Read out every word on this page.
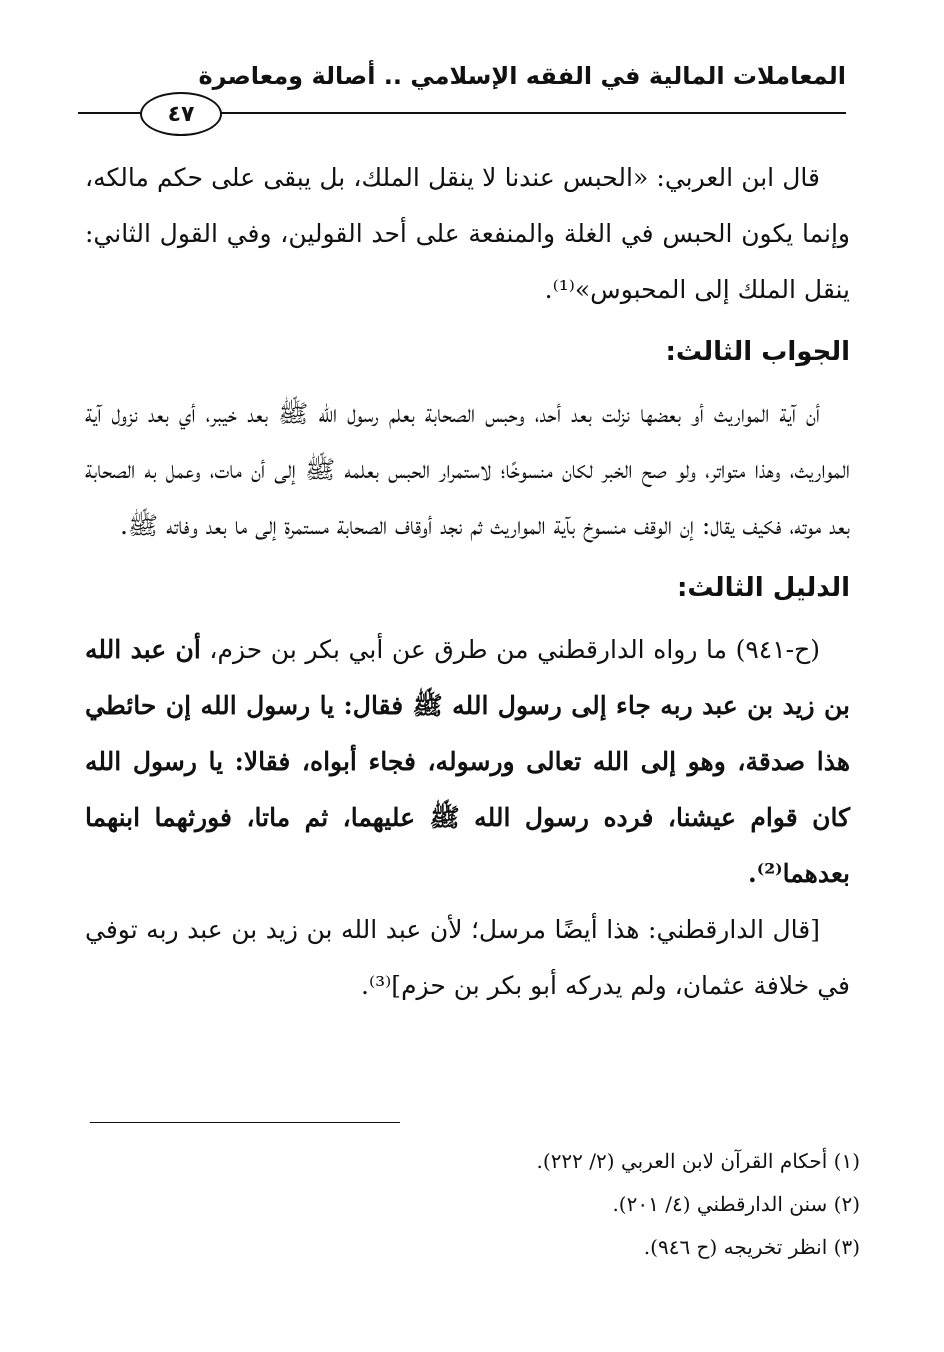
المعاملات المالية في الفقه الإسلامي .. أصالة ومعاصرة
٤٧

قال ابن العربي: «الحبس عندنا لا ينقل الملك، بل يبقى على حكم مالكه، وإنما يكون الحبس في الغلة والمنفعة على أحد القولين، وفي القول الثاني: ينقل الملك إلى المحبوس»⁽¹⁾.

الجواب الثالث:

أن آية المواريث أو بعضها نزلت بعد أحد، وحبس الصحابة بعلم رسول الله ﷺ بعد خيبر، أي بعد نزول آية المواريث، وهذا متواتر، ولو صح الخبر لكان منسوخًا؛ لاستمرار الحبس بعلمه ﷺ إلى أن مات، وعمل به الصحابة بعد موته، فكيف يقال: إن الوقف منسوخ بآية المواريث ثم نجد أوقاف الصحابة مستمرة إلى ما بعد وفاته ﷺ.

الدليل الثالث:

(ح-٩٤١) ما رواه الدارقطني من طرق عن أبي بكر بن حزم، أن عبد الله بن زيد بن عبد ربه جاء إلى رسول الله ﷺ فقال: يا رسول الله إن حائطي هذا صدقة، وهو إلى الله تعالى ورسوله، فجاء أبواه، فقالا: يا رسول الله كان قوام عيشنا، فرده رسول الله ﷺ عليهما، ثم ماتا، فورثهما ابنهما بعدهما⁽²⁾.

[قال الدارقطني: هذا أيضًا مرسل؛ لأن عبد الله بن زيد بن عبد ربه توفي في خلافة عثمان، ولم يدركه أبو بكر بن حزم]⁽³⁾.

(١) أحكام القرآن لابن العربي (٢/ ٢٢٢).
(٢) سنن الدارقطني (٤/ ٢٠١).
(٣) انظر تخريجه (ح ٩٤٦).
